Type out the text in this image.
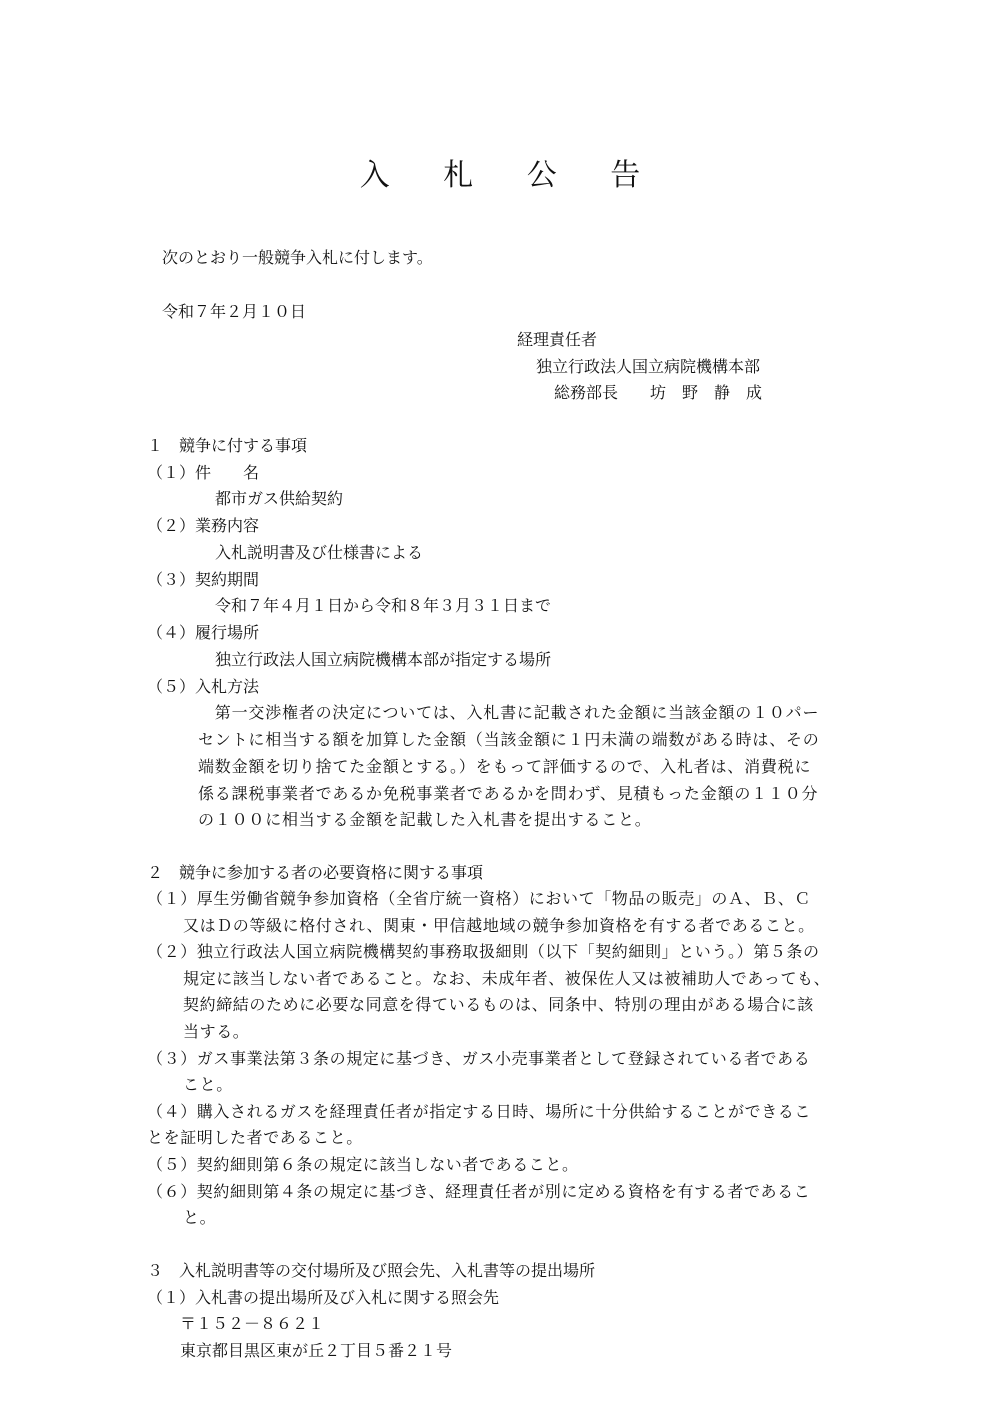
入 札 公 告
次のとおり一般競争入札に付します。
令和７年２月１０日
経理責任者
独立行政法人国立病院機構本部
総務部長　　坊　野　静　成
１　競争に付する事項
（１）件　　名
都市ガス供給契約
（２）業務内容
入札説明書及び仕様書による
（３）契約期間
令和７年４月１日から令和８年３月３１日まで
（４）履行場所
独立行政法人国立病院機構本部が指定する場所
（５）入札方法
　第一交渉権者の決定については、入札書に記載された金額に当該金額の１０パー
セントに相当する額を加算した金額（当該金額に１円未満の端数がある時は、その
端数金額を切り捨てた金額とする。）をもって評価するので、入札者は、消費税に
係る課税事業者であるか免税事業者であるかを問わず、見積もった金額の１１０分
の１００に相当する金額を記載した入札書を提出すること。
２　競争に参加する者の必要資格に関する事項
（１）厚生労働省競争参加資格（全省庁統一資格）において「物品の販売」のＡ、Ｂ、Ｃ
又はＤの等級に格付され、関東・甲信越地域の競争参加資格を有する者であること。
（２）独立行政法人国立病院機構契約事務取扱細則（以下「契約細則」という。）第５条の
規定に該当しない者であること。なお、未成年者、被保佐人又は被補助人であっても、
契約締結のために必要な同意を得ているものは、同条中、特別の理由がある場合に該
当する。
（３）ガス事業法第３条の規定に基づき、ガス小売事業者として登録されている者である
こと。
（４）購入されるガスを経理責任者が指定する日時、場所に十分供給することができるこ
とを証明した者であること。
（５）契約細則第６条の規定に該当しない者であること。
（６）契約細則第４条の規定に基づき、経理責任者が別に定める資格を有する者であるこ
と。
３　入札説明書等の交付場所及び照会先、入札書等の提出場所
（１）入札書の提出場所及び入札に関する照会先
〒１５２－８６２１
東京都目黒区東が丘２丁目５番２１号
